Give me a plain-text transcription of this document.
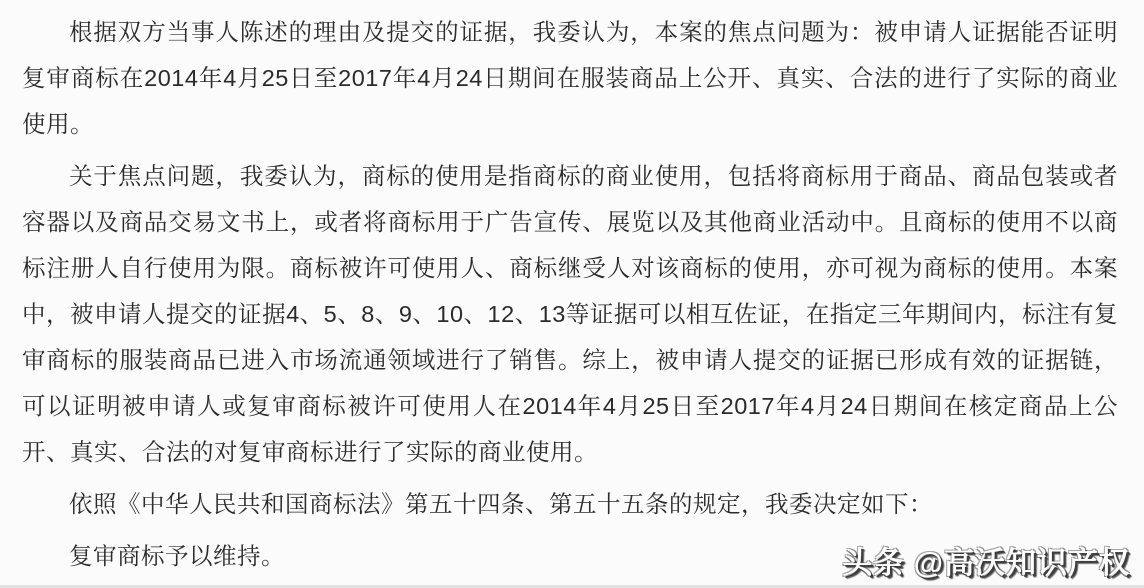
根据双方当事人陈述的理由及提交的证据，我委认为，本案的焦点问题为：被申请人证据能否证明复审商标在2014年4月25日至2017年4月24日期间在服装商品上公开、真实、合法的进行了实际的商业使用。

关于焦点问题，我委认为，商标的使用是指商标的商业使用，包括将商标用于商品、商品包装或者容器以及商品交易文书上，或者将商标用于广告宣传、展览以及其他商业活动中。且商标的使用不以商标注册人自行使用为限。商标被许可使用人、商标继受人对该商标的使用，亦可视为商标的使用。本案中，被申请人提交的证据4、5、8、9、10、12、13等证据可以相互佐证，在指定三年期间内，标注有复审商标的服装商品已进入市场流通领域进行了销售。综上，被申请人提交的证据已形成有效的证据链，可以证明被申请人或复审商标被许可使用人在2014年4月25日至2017年4月24日期间在核定商品上公开、真实、合法的对复审商标进行了实际的商业使用。

依照《中华人民共和国商标法》第五十四条、第五十五条的规定，我委决定如下：

复审商标予以维持。	头条 @高沃知识产权
